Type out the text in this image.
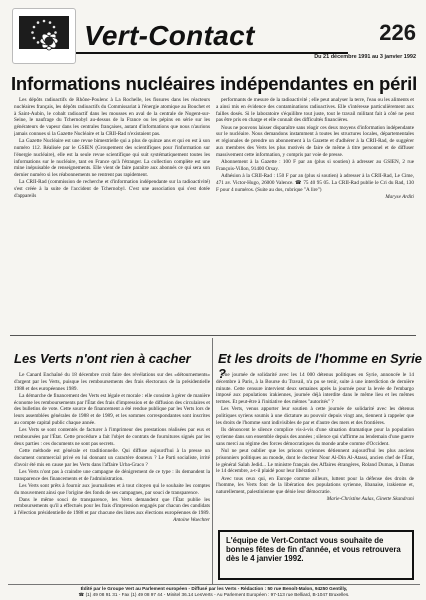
Vert-Contact	226
Du 21 décembre 1991 au 3 janvier 1992
Informations nucléaires indépendantes en péril

Les dépôts radioactifs de Rhône-Poulenc à La Rochelle, les fissures dans les réacteurs nucléaires français, les dépôts radioactifs du Commissariat à l'énergie atomique au Bouchet et à Saint-Aubin, le cobalt radioactif dans les mousses en aval de la centrale de Nogent-sur-Seine, le naufrage du Tchernobyl au-dessus de la France ou les pépins en série sur les générateurs de vapeur dans les centrales françaises, autant d'informations que nous n'aurions jamais connues si la Gazette Nucléaire et la CRII-Rad n'existaient pas.

La Gazette Nucléaire est une revue bimestrielle qui a plus de quinze ans et qui en est à son numéro 112. Réalisée par le GSIEN (Groupement des scientifiques pour l'information sur l'énergie nucléaire), elle est la seule revue scientifique qui suit systématiquement toutes les informations sur le nucléaire, tant en France qu'à l'étranger. La collection complète est une mine inépuisable de renseignements. Elle vient de faire paraître aux abonnés ce qui sera son dernier numéro si les réabonnements ne rentrent pas rapidement.

La CRII-Rad (commission de recherche et d'information indépendante sur la radioactivité) s'est créée à la suite de l'accident de Tchernobyl. C'est une association qui s'est dotée d'appareils

performants de mesure de la radioactivité ; elle peut analyser la terre, l'eau ou les aliments et a ainsi mis en évidence des contaminations radioactives. Elle s'intéresse particulièrement aux failles dosés. Si le laboratoire s'équilibre tout juste, tout le travail militant fait à côté ne peut pas être pris en charge et elle connaît des difficultés financières.

Nous ne pouvons laisser disparaître sans réagir ces deux moyens d'information indépendante sur le nucléaire. Nous demandons instamment à toutes les structures locales, départementales et régionales de prendre un abonnement à la Gazette et d'adhérer à la CRII-Rad, de suggérer aux membres des Verts les plus motivés de faire de même à titre personnel et de diffuser massivement cette information, y compris par voie de presse.

Abonnement à la Gazette : 100 F par an (plus si soutien) à adresser au GSIEN, 2 rue François-Villon, 91400 Orsay.

Adhésion à la CRII-Rad : 150 F par an (plus si soutien) à adresser à la CRII-Rad, Le Cime, 471 av. Victor-Hugo, 26000 Valence. ☎ 75 40 95 05. La CRII-Rad publie le Cri du Rad, 130 F pour 4 numéros. (Suite au dos, rubrique "A lire")

Maryse Arditi

Les Verts n'ont rien à cacher Et les droits de l'homme en Syrie ?

Le Canard Enchaîné du 18 décembre croit faire des révélations sur des «détournements» d'argent par les Verts, puisque les remboursements des frais électoraux de la présidentielle 1988 et des européennes 1989.

La démarche de financement des Verts est légale et morale : elle consiste à gérer de manière économe les remboursements par l'État des frais d'impression et de diffusion des circulaires et des bulletins de vote. Cette source de financement a été rendue publique par les Verts lors de leurs assemblées générales de 1988 et de 1989, et les sommes correspondantes sont inscrites au compte capital public chaque année.

Les Verts se sont contentés de facturer à l'imprimeur des prestations réalisées par eux et remboursées par l'État. Cette procédure a fait l'objet de contrats de fournitures signés par les deux parties : ces documents ne sont pas secrets.

Cette méthode est générale et traditionnelle. Qui diffuse aujourd'hui à la presse un document commercial privé en lui donnant un caractère douteux ? Le Parti socialiste, irrité d'avoir été mis en cause par les Verts dans l'affaire Urba-Graco ?

Les Verts n'ont pas à craindre une campagne de dénigrement de ce type : ils demandent la transparence des financements et de l'administration.

Les Verts sont prêts à fournir aux journalistes et à tout citoyen qui le souhaite les comptes du mouvement ainsi que l'origine des fonds de ses campagnes, par souci de transparence.

Dans le même souci de transparence, les Verts demandent que l'État publie les remboursements qu'il a effectués pour les frais d'impression engagés par chacun des candidats à l'élection présidentielle de 1988 et par chacune des listes aux élections européennes de 1989.

Antoine Waechter

Une journée de solidarité avec les 14 000 détenus politiques en Syrie, annoncée le 14 décembre à Paris, à la Bourse du Travail, n'a pu se tenir, suite à une interdiction de dernière minute. Cette censure intervient deux semaines après la journée pour la levée de l'embargo imposé aux populations irakiennes, journée déjà interdite dans le même lieu et les mêmes termes. Et peut-être à l'initiative des mêmes "autorités" ?

Les Verts, venus apporter leur soutien à cette journée de solidarité avec les détenus politiques syriens soumis à une dictature au pouvoir depuis vingt ans, tiennent à rappeler que les droits de l'homme sont indivisibles de par et d'autre des mers et des frontières.

Ils dénoncent le silence complice vis-à-vis d'une situation dramatique pour la population syrienne dans son ensemble depuis des années ; silence qui s'affirme au lendemain d'une guerre sans merci au régime des forces démocratiques du monde arabe comme d'Occident.

Nul ne peut oublier que les prisons syriennes détiennent aujourd'hui les plus anciens prisonniers politiques au monde, dont le docteur Nour Al-Din Al-Atassi, ancien chef de l'État, le général Salah Jedid... Le ministre français des Affaires étrangères, Roland Dumas, à Damas le 14 décembre, a-t-il plaidé pour leur libération ?

Avec tous ceux qui, en Europe comme ailleurs, luttent pour la défense des droits de l'homme, les Verts font de la libération des populations syrienne, libanaise, irakienne et, naturellement, palestinienne que dénie leur démocratie.

Marie-Christine Aulas, Ginette Skandrani

L'équipe de Vert-Contact vous souhaite de bonnes fêtes de fin d'année, et vous retrouvera dès le 4 janvier 1992.
Édité par le Groupe Vert au Parlement européen - Diffusé par les Verts - Rédaction : 50 rue Benoît-Malon, 94250 Gentilly,
☎ (1) 49 08 91 31 - Fax (1) 49 08 97 44 - Minitel 36.14 LesVerts - Au Parlement Européen : 97-113 rue Belliard, B-1047 Bruxelles.
